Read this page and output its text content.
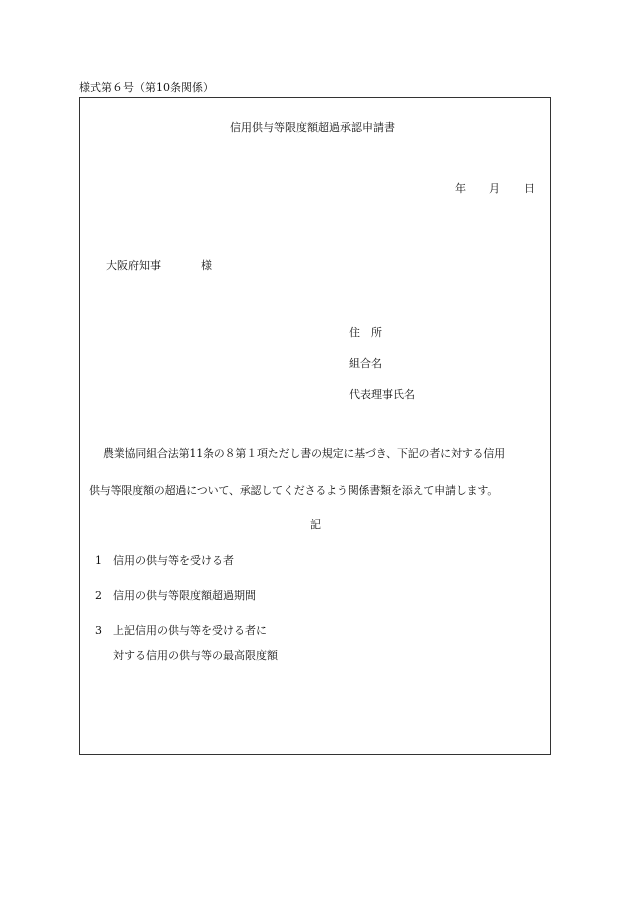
様式第６号（第10条関係）
信用供与等限度額超過承認申請書
年 月 日
大阪府知事	様
住　所
組合名
代表理事氏名
農業協同組合法第11条の８第１項ただし書の規定に基づき、下記の者に対する信用
供与等限度額の超過について、承認してくださるよう関係書類を添えて申請します。
記
1 信用の供与等を受ける者
2 信用の供与等限度額超過期間
3 上記信用の供与等を受ける者に
対する信用の供与等の最高限度額
